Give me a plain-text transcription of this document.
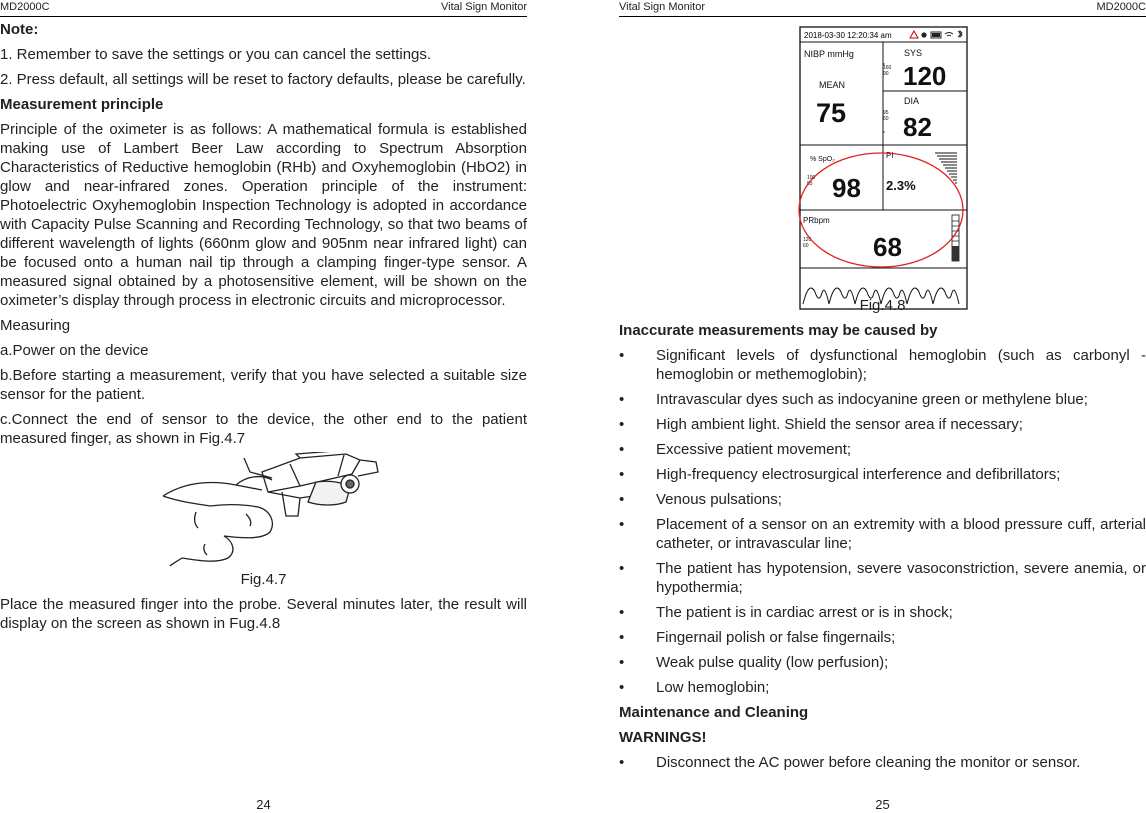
MD2000C	Vital Sign Monitor

Note:

1. Remember to save the settings or you can cancel the settings.

2. Press default, all settings will be reset to factory defaults, please be carefully.

Measurement principle

Principle of the oximeter is as follows: A mathematical formula is established making use of Lambert Beer Law according to Spectrum Absorption Characteristics of Reductive hemoglobin (RHb) and Oxyhemoglobin (HbO2) in glow and near-infrared zones. Operation principle of the instrument: Photoelectric Oxyhemoglobin Inspection Technology is adopted in accordance with Capacity Pulse Scanning and Recording Technology, so that two beams of different wavelength of lights (660nm glow and 905nm near infrared light) can be focused onto a human nail tip through a clamping finger-type sensor. A measured signal obtained by a photosensitive element, will be shown on the oximeter’s display through process in electronic circuits and microprocessor.

Measuring

a.Power on the device

b.Before starting a measurement, verify that you have selected a suitable size sensor for the patient.

c.Connect the end of sensor to the device, the other end to the patient measured finger, as shown in Fig.4.7

Fig.4.7

Place the measured finger into the probe. Several minutes later, the result will display on the screen as shown in Fug.4.8

24
Vital Sign Monitor	MD2000C
2018-03-30 12:20:34 am
NIBP mmHg
MEAN
75
160
90
SYS
120
95
60
DIA
82
% SpO₂
100
85 98
PI
2.3%
PRbpm
120
60 68

Fig.4.8

Inaccurate measurements may be caused by

• Significant levels of dysfunctional hemoglobin (such as carbonyl -hemoglobin or methemoglobin);
• Intravascular dyes such as indocyanine green or methylene blue;
• High ambient light. Shield the sensor area if necessary;
• Excessive patient movement;
• High-frequency electrosurgical interference and defibrillators;
• Venous pulsations;
• Placement of a sensor on an extremity with a blood pressure cuff, arterial catheter, or intravascular line;
• The patient has hypotension, severe vasoconstriction, severe anemia, or hypothermia;
• The patient is in cardiac arrest or is in shock;
• Fingernail polish or false fingernails;
• Weak pulse quality (low perfusion);
• Low hemoglobin;

Maintenance and Cleaning

WARNINGS!

• Disconnect the AC power before cleaning the monitor or sensor.
25
